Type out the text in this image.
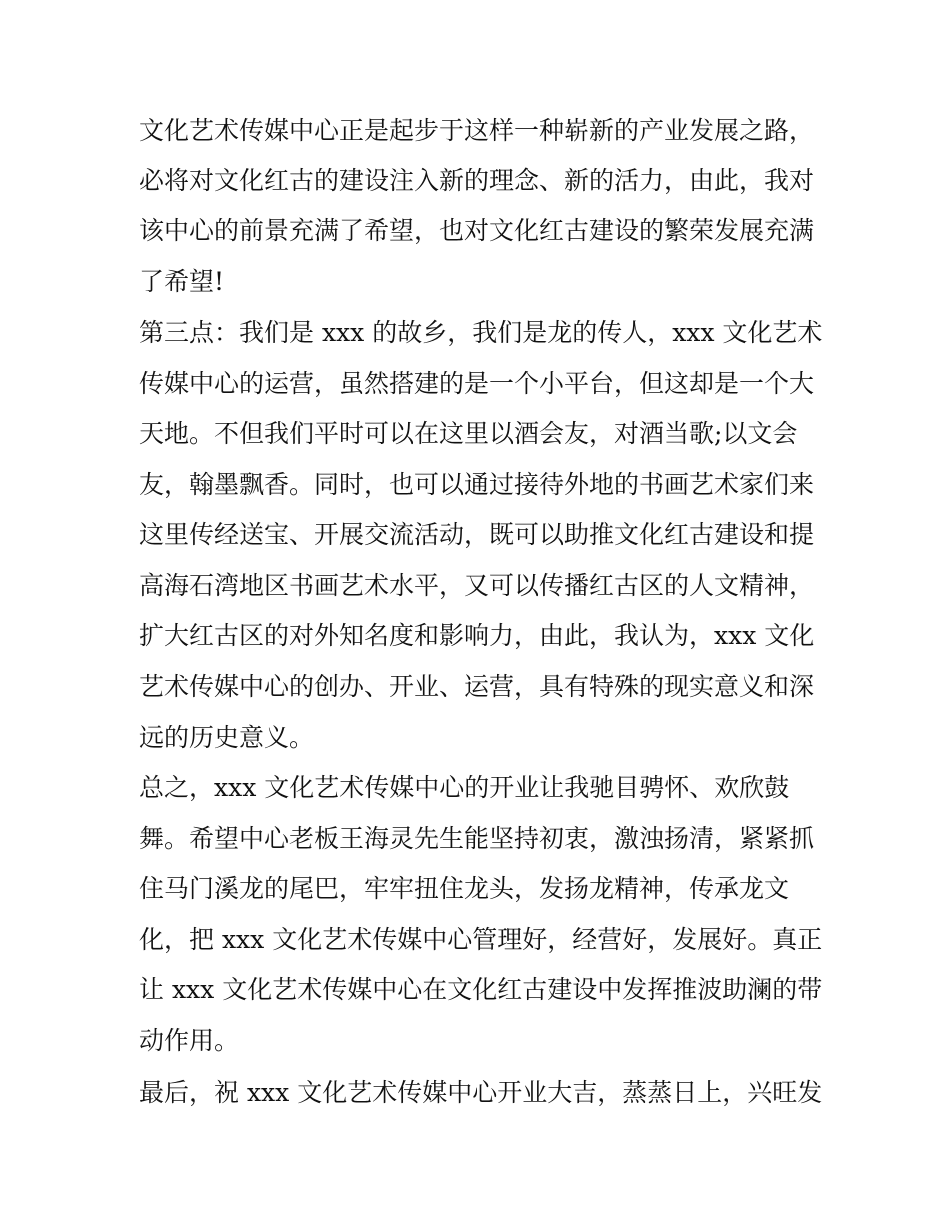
文化艺术传媒中心正是起步于这样一种崭新的产业发展之路，

必将对文化红古的建设注入新的理念、新的活力，由此，我对

该中心的前景充满了希望，也对文化红古建设的繁荣发展充满

了希望!

第三点：我们是 xxx 的故乡，我们是龙的传人，xxx 文化艺术

传媒中心的运营，虽然搭建的是一个小平台，但这却是一个大

天地。不但我们平时可以在这里以酒会友，对酒当歌;以文会

友，翰墨飘香。同时，也可以通过接待外地的书画艺术家们来

这里传经送宝、开展交流活动，既可以助推文化红古建设和提

高海石湾地区书画艺术水平，又可以传播红古区的人文精神，

扩大红古区的对外知名度和影响力，由此，我认为，xxx 文化

艺术传媒中心的创办、开业、运营，具有特殊的现实意义和深

远的历史意义。

总之，xxx 文化艺术传媒中心的开业让我驰目骋怀、欢欣鼓

舞。希望中心老板王海灵先生能坚持初衷，激浊扬清，紧紧抓

住马门溪龙的尾巴，牢牢扭住龙头，发扬龙精神，传承龙文

化，把 xxx 文化艺术传媒中心管理好，经营好，发展好。真正

让 xxx 文化艺术传媒中心在文化红古建设中发挥推波助澜的带

动作用。

最后，祝 xxx 文化艺术传媒中心开业大吉，蒸蒸日上，兴旺发
